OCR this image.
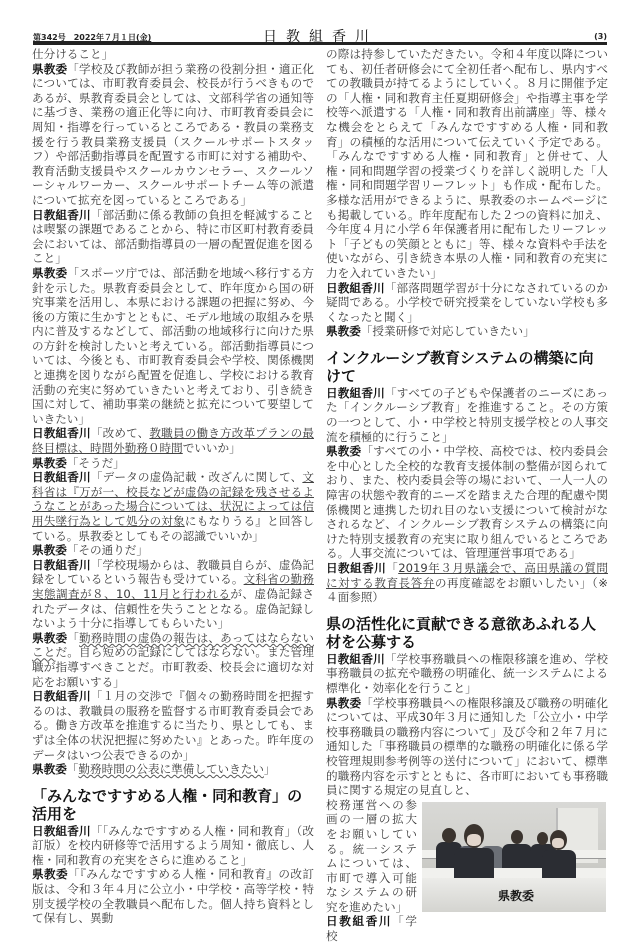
第342号　2022年７月１日(金)	日教組香川	(3)

仕分けること」

県教委「学校及び教師が担う業務の役割分担・適正化については、市町教育委員会、校長が行うべきものであるが、県教育委員会としては、文部科学省の通知等に基づき、業務の適正化等に向け、市町教育委員会に周知・指導を行っているところである・教員の業務支援を行う教員業務支援員（スクールサポートスタッフ）や部活動指導員を配置する市町に対する補助や、教育活動支援員やスクールカウンセラー、スクールソーシャルワーカー、スクールサポートチーム等の派遣について拡充を図っているところである」

日教組香川「部活動に係る教師の負担を軽減することは喫緊の課題であることから、特に市区町村教育委員会においては、部活動指導員の一層の配置促進を図ること」

県教委「スポーツ庁では、部活動を地域へ移行する方針を示した。県教育委員会として、昨年度から国の研究事業を活用し、本県における課題の把握に努め、今後の方策に生かすとともに、モデル地域の取組みを県内に普及するなどして、部活動の地域移行に向けた県の方針を検討したいと考えている。部活動指導員については、今後とも、市町教育委員会や学校、関係機関と連携を図りながら配置を促進し、学校における教育活動の充実に努めていきたいと考えており、引き続き国に対して、補助事業の継続と拡充について要望していきたい」

日教組香川「改めて、教職員の働き方改革プランの最終目標は、時間外勤務０時間でいいか」

県教委「そうだ」

日教組香川「データの虚偽記載・改ざんに関して、文科省は『万が一、校長などが虚偽の記録を残させるようなことがあった場合については、状況によっては信用失墜行為として処分の対象にもなりうる』と回答している。県教委としてもその認識でいいか」

県教委「その通りだ」

日教組香川「学校現場からは、教職員自らが、虚偽記録をしているという報告も受けている。文科省の勤務実態調査が８、10、11月と行われるが、虚偽記録されたデータは、信頼性を失うこととなる。虚偽記録しないよう十分に指導してもらいたい」

県教委「勤務時間の虚偽の報告は、あってはならないことだ。自ら短めの記録にしてはならない。また管理職が指導すべきことだ。市町教委、校長会に適切な対応をお願いする」

日教組香川「１月の交渉で『個々の勤務時間を把握するのは、教職員の服務を監督する市町教育委員会である。働き方改革を推進するに当たり、県としても、まずは全体の状況把握に努めたい』とあった。昨年度のデータはいつ公表できるのか」

県教委「勤務時間の公表に準備していきたい」

「みんなですすめる人権・同和教育」の活用を

日教組香川「「みんなですすめる人権・同和教育」（改訂版）を校内研修等で活用するよう周知・徹底し、人権・同和教育の充実をさらに進めること」

県教委「『みんなですすめる人権・同和教育』の改訂版は、令和３年４月に公立小・中学校・高等学校・特別支援学校の全教職員へ配布した。個人持ち資料として保有し、異動

の際は持参していただきたい。令和４年度以降についても、初任者研修会にて全初任者へ配布し、県内すべての教職員が持てるようにしていく。８月に開催予定の「人権・同和教育主任夏期研修会」や指導主事を学校等へ派遣する「人権・同和教育出前講座」等、様々な機会をとらえて「みんなですすめる人権・同和教育」の積極的な活用について伝えていく予定である。「みんなですすめる人権・同和教育」と併せて、人権・同和問題学習の授業づくりを詳しく説明した「人権・同和問題学習リーフレット」も作成・配布した。多様な活用ができるように、県教委のホームページにも掲載している。昨年度配布した２つの資料に加え、今年度４月に小学６年保護者用に配布したリーフレット「子どもの笑顔とともに」等、様々な資料や手法を使いながら、引き続き本県の人権・同和教育の充実に力を入れていきたい」

日教組香川「部落問題学習が十分になされているのか疑問である。小学校で研究授業をしていない学校も多くなったと聞く」

県教委「授業研修で対応していきたい」

インクルーシブ教育システムの構築に向けて

日教組香川「すべての子どもや保護者のニーズにあった「インクルーシブ教育」を推進すること。その方策の一つとして、小・中学校と特別支援学校との人事交流を積極的に行うこと」

県教委「すべての小・中学校、高校では、校内委員会を中心とした全校的な教育支援体制の整備が図られており、また、校内委員会等の場において、一人一人の障害の状態や教育的ニーズを踏まえた合理的配慮や関係機関と連携した切れ目のない支援について検討がなされるなど、インクルーシブ教育システムの構築に向けた特別支援教育の充実に取り組んでいるところである。人事交流については、管理運営事項である」

日教組香川「2019年３月県議会で、高田県議の質問に対する教育長答弁の再度確認をお願いしたい」（※４面参照）

県の活性化に貢献できる意欲あふれる人材を公募する

日教組香川「学校事務職員への権限移譲を進め、学校事務職員の拡充や職務の明確化、統一システムによる標準化・効率化を行うこと」

県教委「学校事務職員への権限移譲及び職務の明確化については、平成30年３月に通知した「公立小・中学校事務職員の職務内容について」及び令和２年７月に通知した「事務職員の標準的な職務の明確化に係る学校管理規則参考例等の送付について」において、標準的職務内容を示すとともに、各市町においても事務職員に関する規定の見直しと、

校務運営への参画の一層の拡大をお願いしている。統一システムについては、市町で導入可能なシステムの研究を進めたい」

日教組香川「学校

県教委
